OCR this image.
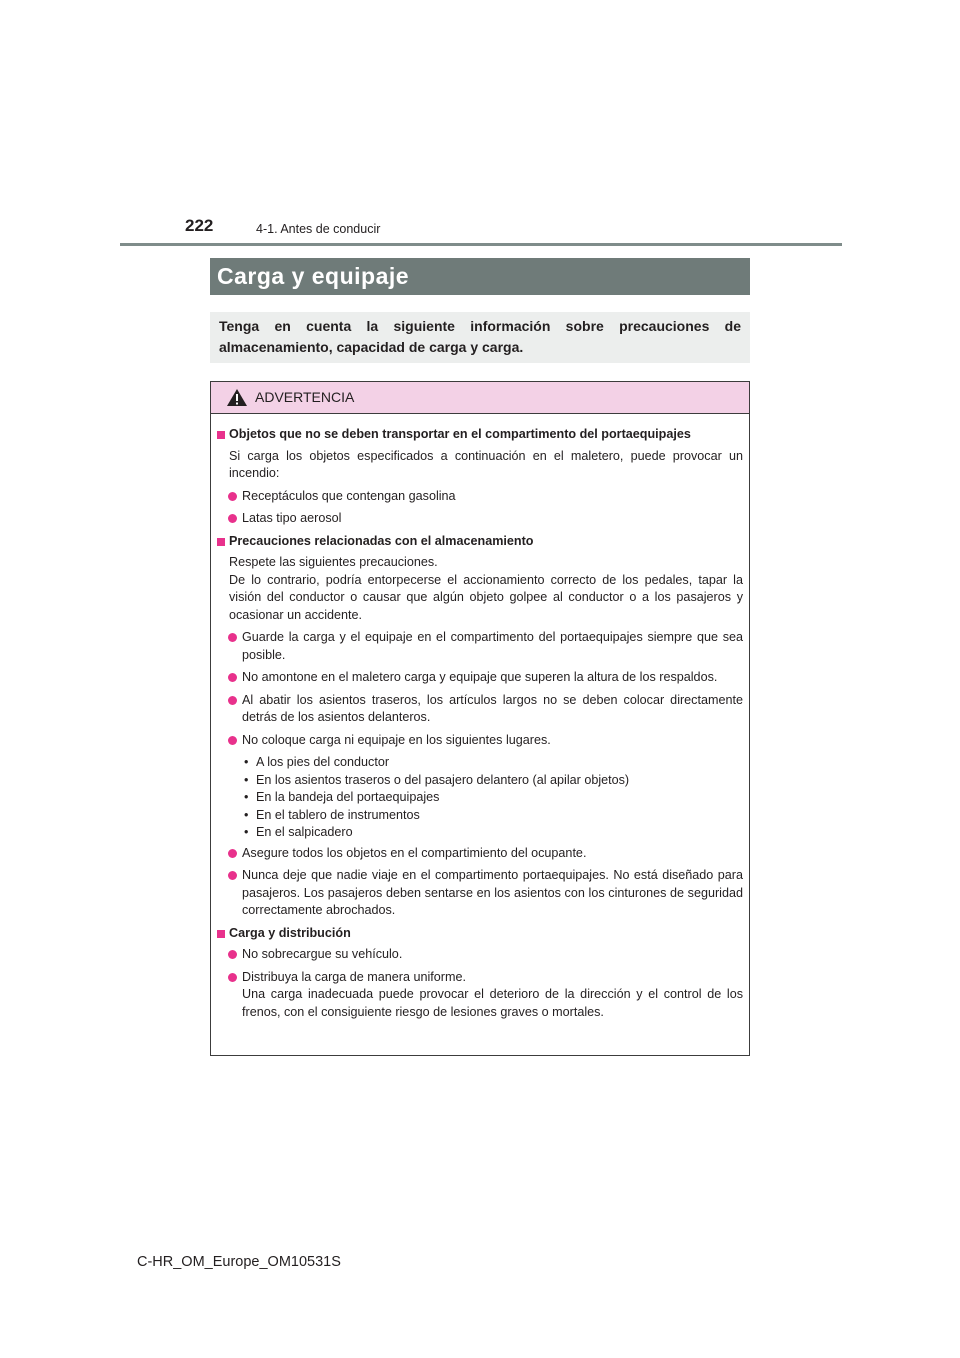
222	4-1. Antes de conducir
Carga y equipaje
Tenga en cuenta la siguiente información sobre precauciones de almacenamiento, capacidad de carga y carga.
ADVERTENCIA
Objetos que no se deben transportar en el compartimento del portaequipajes
Si carga los objetos especificados a continuación en el maletero, puede provocar un incendio:
Receptáculos que contengan gasolina
Latas tipo aerosol
Precauciones relacionadas con el almacenamiento
Respete las siguientes precauciones.
De lo contrario, podría entorpecerse el accionamiento correcto de los pedales, tapar la visión del conductor o causar que algún objeto golpee al conductor o a los pasajeros y ocasionar un accidente.
Guarde la carga y el equipaje en el compartimento del portaequipajes siempre que sea posible.
No amontone en el maletero carga y equipaje que superen la altura de los respaldos.
Al abatir los asientos traseros, los artículos largos no se deben colocar directamente detrás de los asientos delanteros.
No coloque carga ni equipaje en los siguientes lugares.
• A los pies del conductor
• En los asientos traseros o del pasajero delantero (al apilar objetos)
• En la bandeja del portaequipajes
• En el tablero de instrumentos
• En el salpicadero
Asegure todos los objetos en el compartimiento del ocupante.
Nunca deje que nadie viaje en el compartimento portaequipajes. No está diseñado para pasajeros. Los pasajeros deben sentarse en los asientos con los cinturones de seguridad correctamente abrochados.
Carga y distribución
No sobrecargue su vehículo.
Distribuya la carga de manera uniforme.
Una carga inadecuada puede provocar el deterioro de la dirección y el control de los frenos, con el consiguiente riesgo de lesiones graves o mortales.
C-HR_OM_Europe_OM10531S
